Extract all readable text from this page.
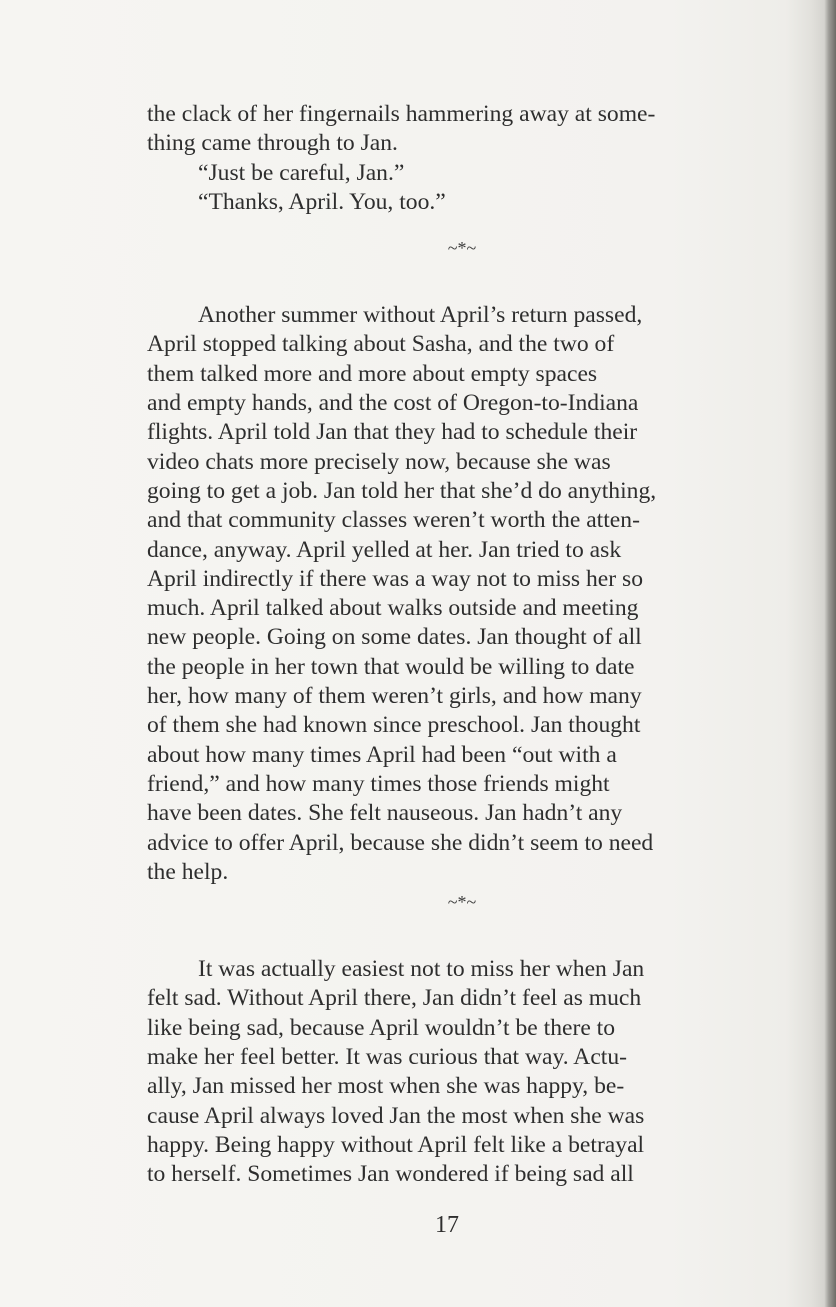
the clack of her fingernails hammering away at some-
thing came through to Jan.
“Just be careful, Jan.”
“Thanks, April. You, too.”
~*~
Another summer without April’s return passed,
April stopped talking about Sasha, and the two of
them talked more and more about empty spaces
and empty hands, and the cost of Oregon-to-Indiana
flights. April told Jan that they had to schedule their
video chats more precisely now, because she was
going to get a job. Jan told her that she’d do anything,
and that community classes weren’t worth the atten-
dance, anyway. April yelled at her. Jan tried to ask
April indirectly if there was a way not to miss her so
much. April talked about walks outside and meeting
new people. Going on some dates. Jan thought of all
the people in her town that would be willing to date
her, how many of them weren’t girls, and how many
of them she had known since preschool. Jan thought
about how many times April had been “out with a
friend,” and how many times those friends might
have been dates. She felt nauseous. Jan hadn’t any
advice to offer April, because she didn’t seem to need
the help.
~*~
It was actually easiest not to miss her when Jan
felt sad. Without April there, Jan didn’t feel as much
like being sad, because April wouldn’t be there to
make her feel better. It was curious that way. Actu-
ally, Jan missed her most when she was happy, be-
cause April always loved Jan the most when she was
happy. Being happy without April felt like a betrayal
to herself. Sometimes Jan wondered if being sad all
17
